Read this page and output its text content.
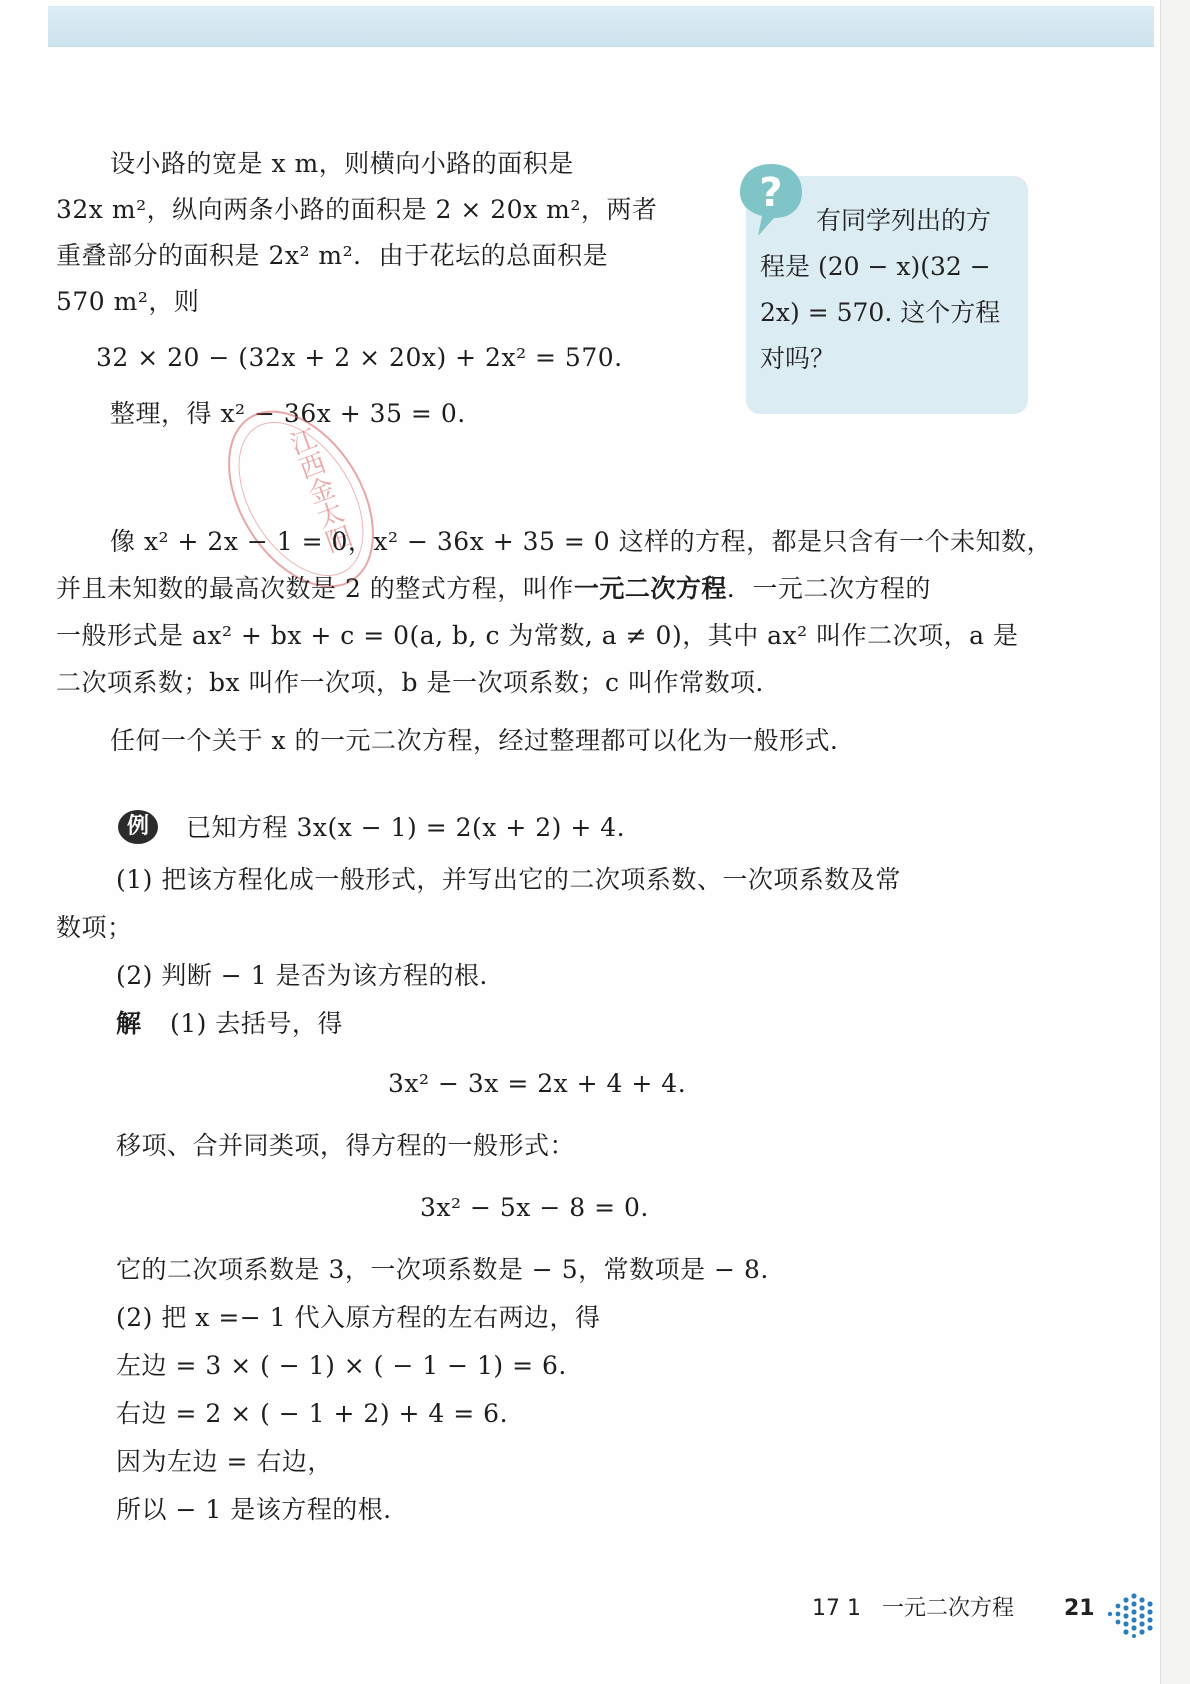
设小路的宽是 x m，则横向小路的面积是
32x m²，纵向两条小路的面积是 2 × 20x m²，两者
重叠部分的面积是 2x² m²．由于花坛的总面积是
570 m²，则
32 × 20 − (32x + 2 × 20x) + 2x² = 570.
整理，得 x² − 36x + 35 = 0.
?
有同学列出的方
程是 (20 − x)(32 −
2x) = 570. 这个方程
对吗？
江西金太阳
像 x² + 2x − 1 = 0，x² − 36x + 35 = 0 这样的方程，都是只含有一个未知数，
并且未知数的最高次数是 2 的整式方程，叫作一元二次方程．一元二次方程的
一般形式是 ax² + bx + c = 0(a, b, c 为常数, a ≠ 0)，其中 ax² 叫作二次项，a 是
二次项系数；bx 叫作一次项，b 是一次项系数；c 叫作常数项．
任何一个关于 x 的一元二次方程，经过整理都可以化为一般形式．
例	已知方程 3x(x − 1) = 2(x + 2) + 4.
(1) 把该方程化成一般形式，并写出它的二次项系数、一次项系数及常
数项；
(2) 判断 − 1 是否为该方程的根．
解 (1) 去括号，得
3x² − 3x = 2x + 4 + 4.
移项、合并同类项，得方程的一般形式：
3x² − 5x − 8 = 0.
它的二次项系数是 3，一次项系数是 − 5，常数项是 − 8.
(2) 把 x =− 1 代入原方程的左右两边，得
左边 = 3 × ( − 1) × ( − 1 − 1) = 6.
右边 = 2 × ( − 1 + 2) + 4 = 6.
因为左边 = 右边，
所以 − 1 是该方程的根．
17 1 一元二次方程 21
